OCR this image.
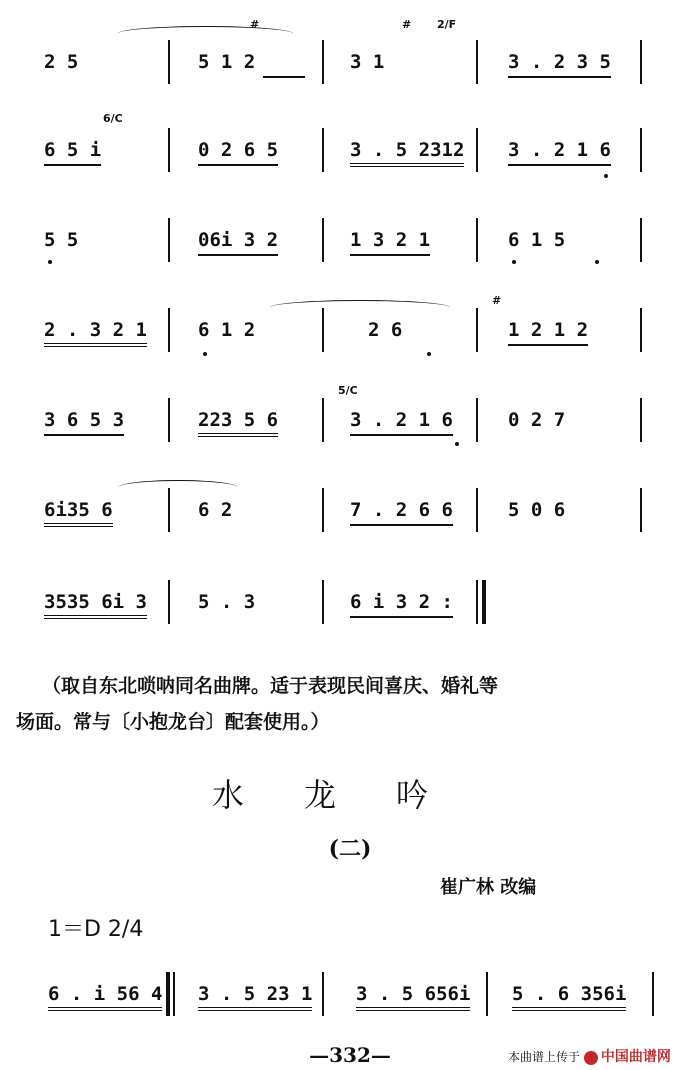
2 5	5 1 2	3 1	3 . 2 3 5
#	# 2/F
6 5 i	0 2 6 5	3 . 5 2312 3 . 2 1 6
6/C
5 5	06i 3 2	1 3 2 1	6 1 5
2 . 3 2 1	6 1 2	2 6	1 2 1 2
#
3 6 5 3	223 5 6	3 . 2 1 6	0 2 7
5/C
6i35 6	6 2	7 . 2 6 6	5 0 6
3535 6i 3	5 . 3	6 i 3 2 :
（取自东北唢呐同名曲牌。适于表现民间喜庆、婚礼等
场面。常与〔小抱龙台〕配套使用。）
水龙吟
(二)
崔广林 改编
1＝D 2/4
6 . i 56 4 3 . 5 23 1 3 . 5 656i 5 . 6 356i
—332—	本曲谱上传于 中国曲谱网
